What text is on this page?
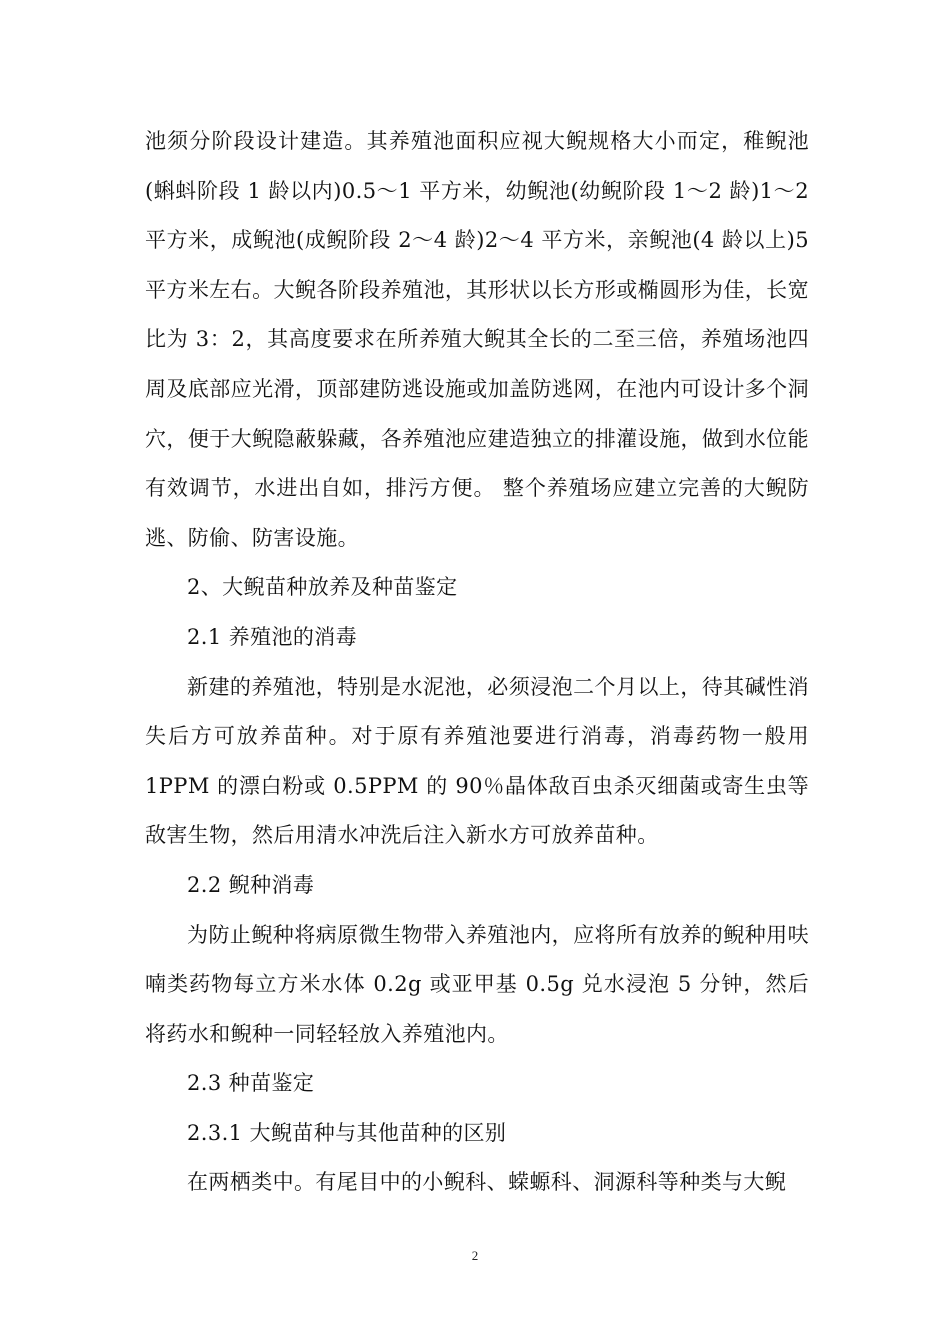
池须分阶段设计建造。其养殖池面积应视大鲵规格大小而定，稚鲵池(蝌蚪阶段 1 龄以内)0.5～1 平方米，幼鲵池(幼鲵阶段 1～2 龄)1～2 平方米，成鲵池(成鲵阶段 2～4 龄)2～4 平方米，亲鲵池(4 龄以上)5 平方米左右。大鲵各阶段养殖池，其形状以长方形或椭圆形为佳，长宽比为 3：2，其高度要求在所养殖大鲵其全长的二至三倍，养殖场池四周及底部应光滑，顶部建防逃设施或加盖防逃网，在池内可设计多个洞穴，便于大鲵隐蔽躲藏，各养殖池应建造独立的排灌设施，做到水位能有效调节，水进出自如，排污方便。 整个养殖场应建立完善的大鲵防逃、防偷、防害设施。

2、大鲵苗种放养及种苗鉴定

2.1 养殖池的消毒

新建的养殖池，特别是水泥池，必须浸泡二个月以上，待其碱性消失后方可放养苗种。对于原有养殖池要进行消毒，消毒药物一般用 1PPM 的漂白粉或 0.5PPM 的 90％晶体敌百虫杀灭细菌或寄生虫等敌害生物，然后用清水冲洗后注入新水方可放养苗种。

2.2 鲵种消毒

为防止鲵种将病原微生物带入养殖池内，应将所有放养的鲵种用呋喃类药物每立方米水体 0.2g 或亚甲基 0.5g 兑水浸泡 5 分钟，然后将药水和鲵种一同轻轻放入养殖池内。

2.3 种苗鉴定

2.3.1 大鲵苗种与其他苗种的区别

在两栖类中。有尾目中的小鲵科、蝾螈科、洞源科等种类与大鲵

2
